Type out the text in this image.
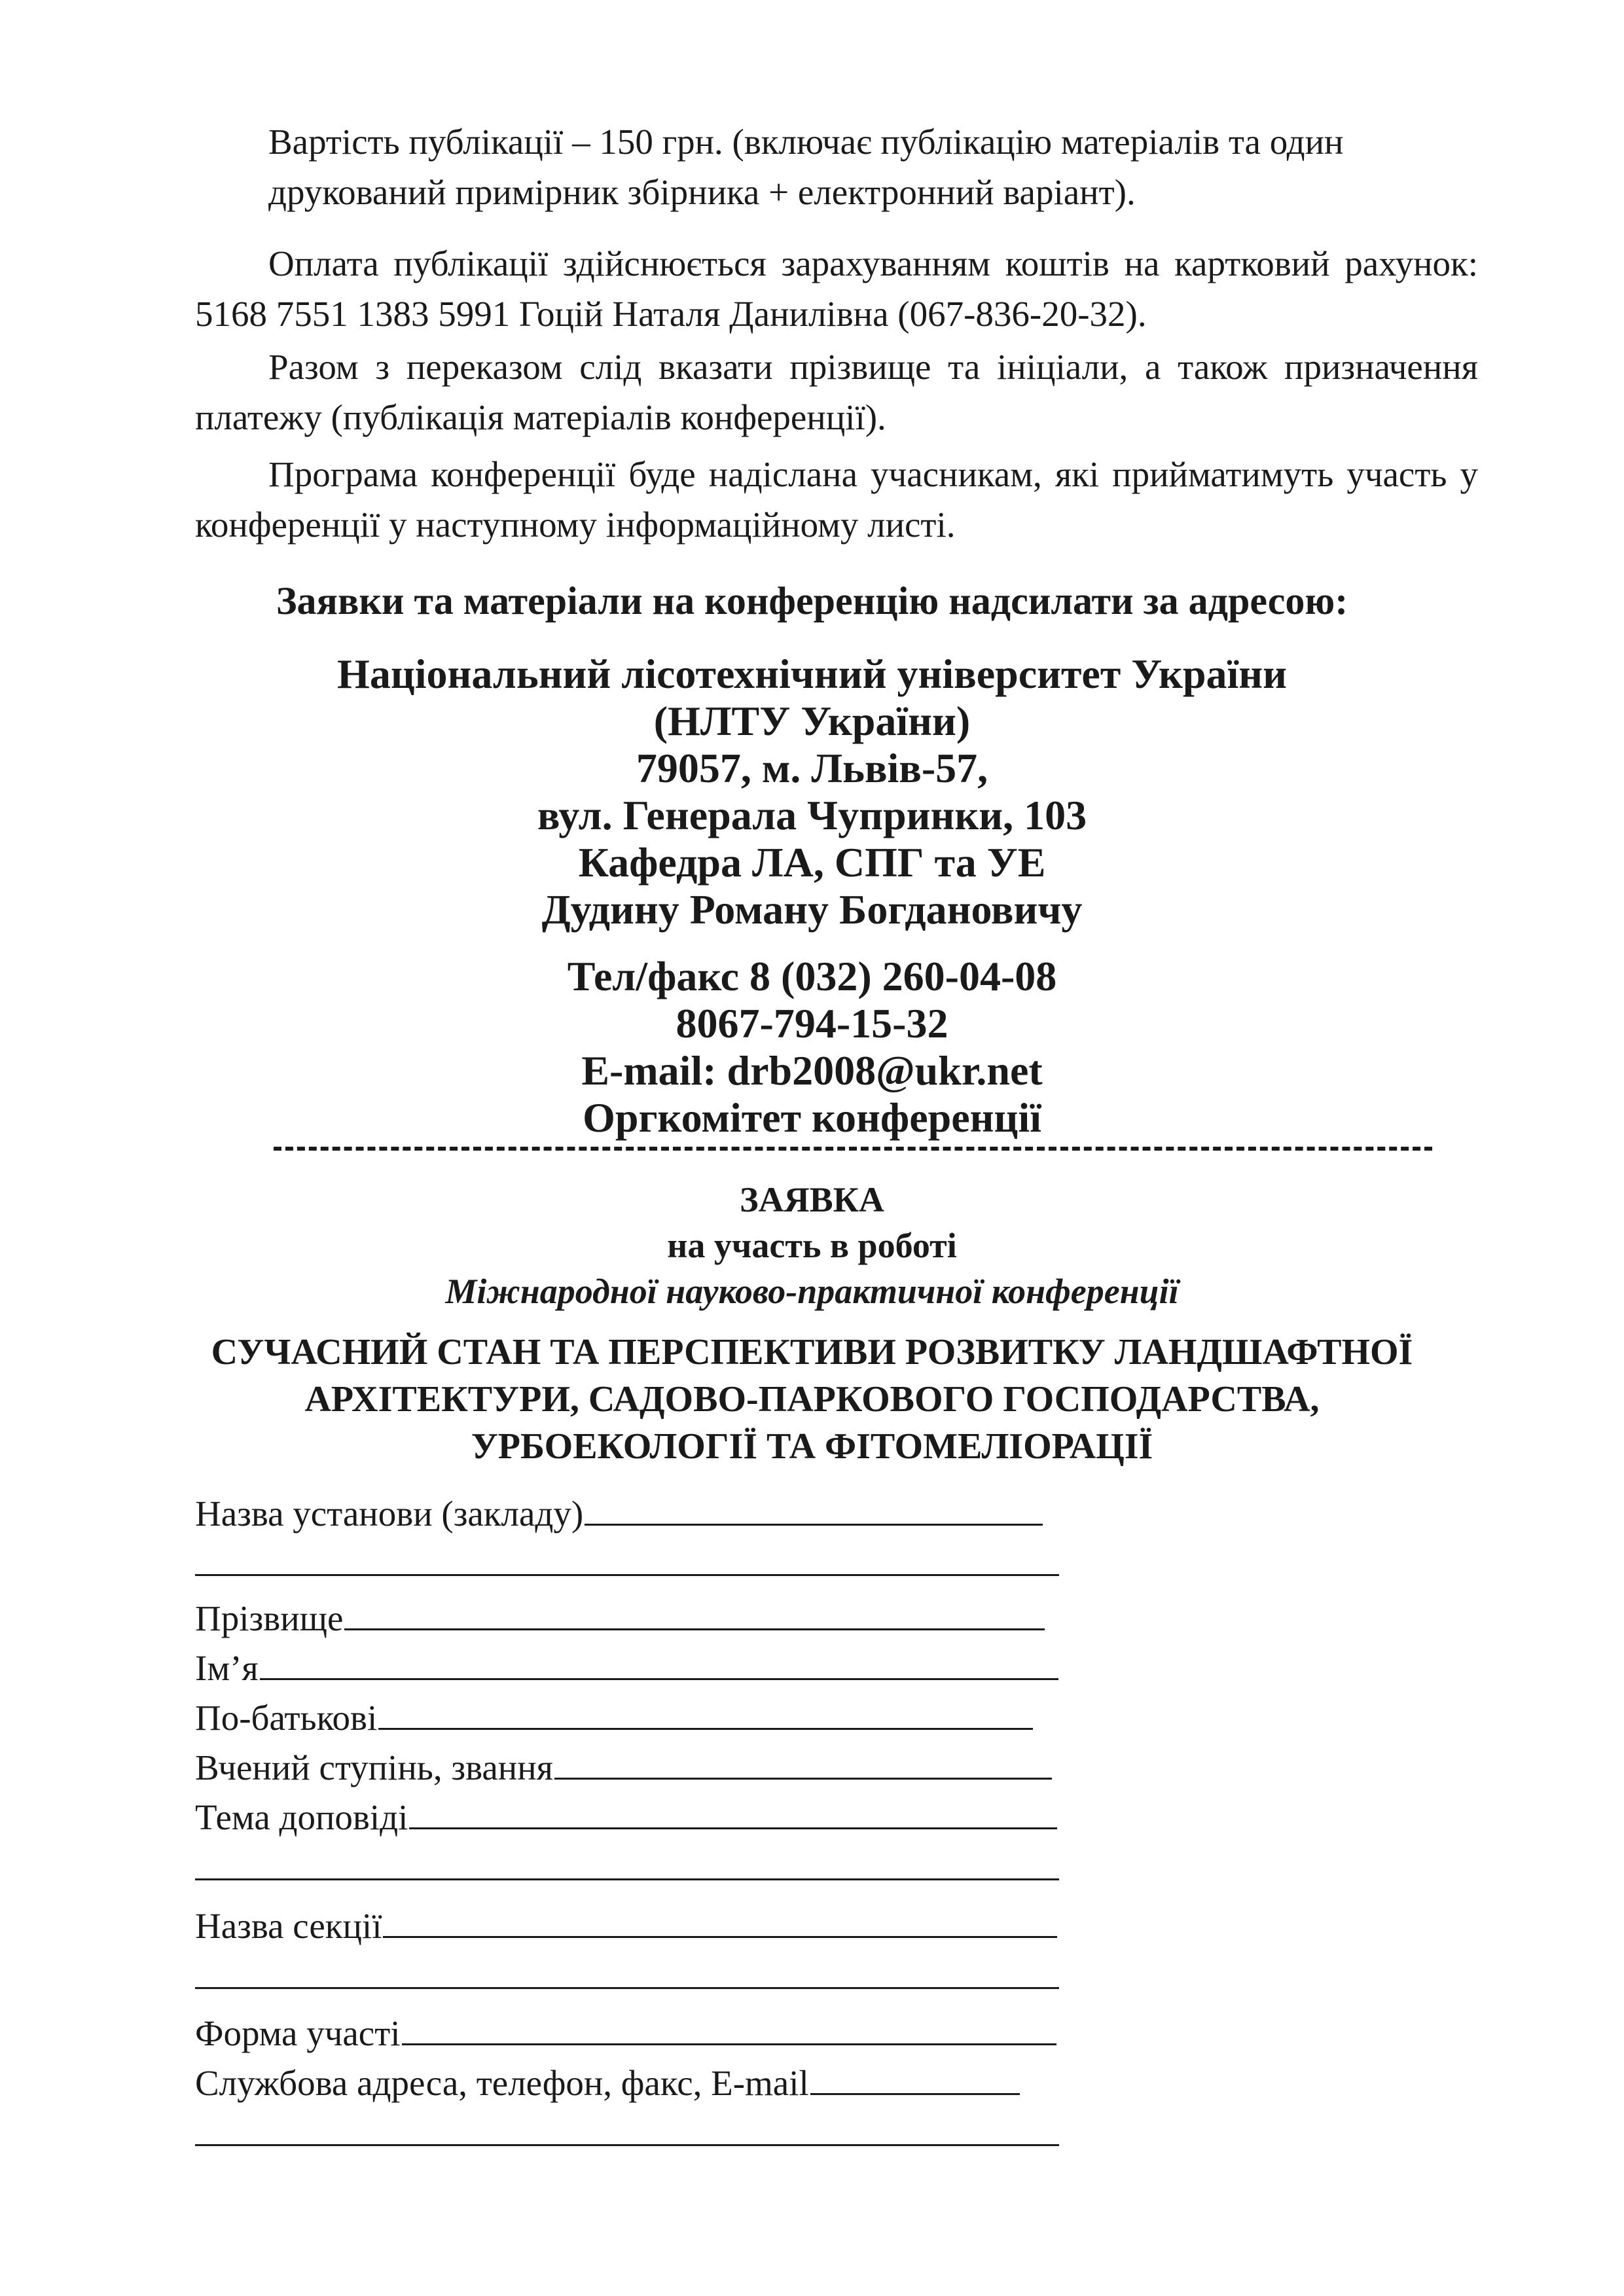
Вартість публікації – 150 грн. (включає публікацію матеріалів та один друкований примірник збірника + електронний варіант).

Оплата публікації здійснюється зарахуванням коштів на картковий рахунок: 5168 7551 1383 5991 Гоцій Наталя Данилівна (067-836-20-32).

Разом з переказом слід вказати прізвище та ініціали, а також призначення платежу (публікація матеріалів конференції).

Програма конференції буде надіслана учасникам, які прийматимуть участь у конференції у наступному інформаційному листі.

Заявки та матеріали на конференцію надсилати за адресою:

Національний лісотехнічний університет України
(НЛТУ України)
79057, м. Львів-57,
вул. Генерала Чупринки, 103
Кафедра ЛА, СПГ та УЕ
Дудину Роману Богдановичу
Тел/факс 8 (032) 260-04-08
8067-794-15-32
E-mail: drb2008@ukr.net
Оргкомітет конференції
ЗАЯВКА
на участь в роботі
Міжнародної науково-практичної конференції
СУЧАСНИЙ СТАН ТА ПЕРСПЕКТИВИ РОЗВИТКУ ЛАНДШАФТНОЇ
АРХІТЕКТУРИ, САДОВО-ПАРКОВОГО ГОСПОДАРСТВА,
УРБОЕКОЛОГІЇ ТА ФІТОМЕЛІОРАЦІЇ
Назва установи (закладу)
Прізвище
Ім’я
По-батькові
Вчений ступінь, звання
Тема доповіді
Назва секції
Форма участі
Службова адреса, телефон, факс, E-mail
